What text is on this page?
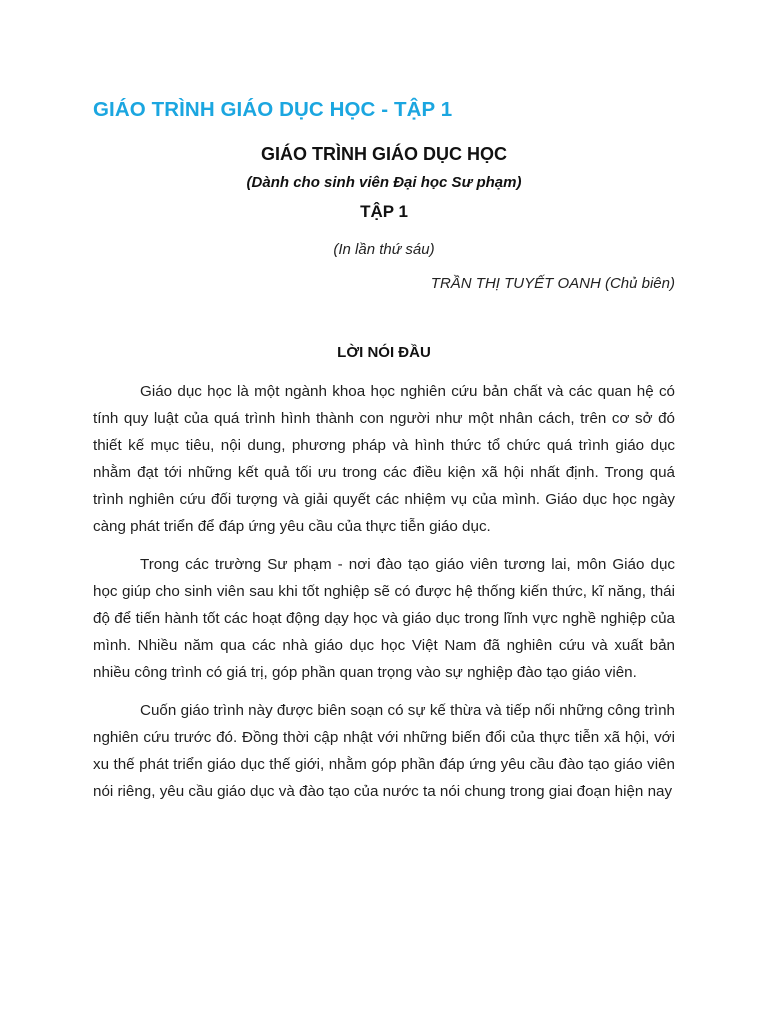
GIÁO TRÌNH GIÁO DỤC HỌC - TẬP 1
GIÁO TRÌNH GIÁO DỤC HỌC
(Dành cho sinh viên Đại học Sư phạm)
TẬP 1
(In lần thứ sáu)
TRẦN THỊ TUYẾT OANH (Chủ biên)
LỜI NÓI ĐẦU

Giáo dục học là một ngành khoa học nghiên cứu bản chất và các quan hệ có tính quy luật của quá trình hình thành con người như một nhân cách, trên cơ sở đó thiết kế mục tiêu, nội dung, phương pháp và hình thức tổ chức quá trình giáo dục nhằm đạt tới những kết quả tối ưu trong các điều kiện xã hội nhất định. Trong quá trình nghiên cứu đối tượng và giải quyết các nhiệm vụ của mình. Giáo dục học ngày càng phát triển để đáp ứng yêu cầu của thực tiễn giáo dục.

Trong các trường Sư phạm - nơi đào tạo giáo viên tương lai, môn Giáo dục học giúp cho sinh viên sau khi tốt nghiệp sẽ có được hệ thống kiến thức, kĩ năng, thái độ để tiến hành tốt các hoạt động dạy học và giáo dục trong lĩnh vực nghề nghiệp của mình. Nhiều năm qua các nhà giáo dục học Việt Nam đã nghiên cứu và xuất bản nhiều công trình có giá trị, góp phần quan trọng vào sự nghiệp đào tạo giáo viên.

Cuốn giáo trình này được biên soạn có sự kế thừa và tiếp nối những công trình nghiên cứu trước đó. Đồng thời cập nhật với những biến đổi của thực tiễn xã hội, với xu thế phát triển giáo dục thế giới, nhằm góp phần đáp ứng yêu cầu đào tạo giáo viên nói riêng, yêu cầu giáo dục và đào tạo của nước ta nói chung trong giai đoạn hiện nay
